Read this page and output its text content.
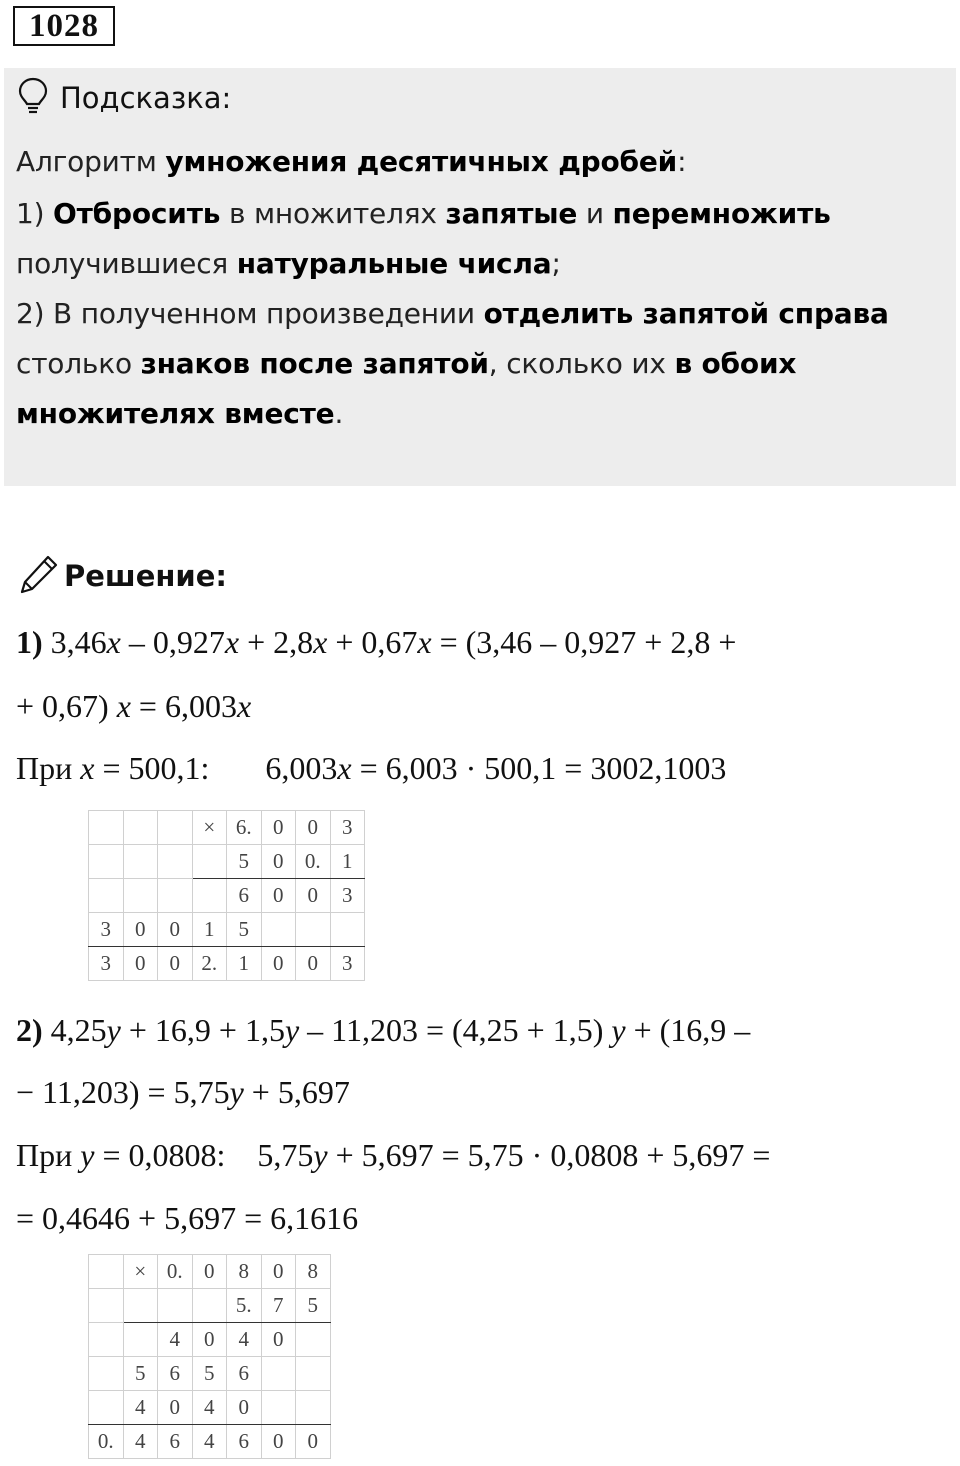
1028
Подсказка:
Алгоритм умножения десятичных дробей:
1) Отбросить в множителях запятые и перемножить
получившиеся натуральные числа;
2) В полученном произведении отделить запятой справа
столько знаков после запятой, сколько их в обоих
множителях вместе.
Решение:
1) 3,46x – 0,927x + 2,8x + 0,67x = (3,46 – 0,927 + 2,8 +
+ 0,67) x = 6,003x
При x = 500,1: 6,003x = 6,003 · 500,1 = 3002,1003
			×	6.	0	0	3
				5	0	0.	1
				6	0	0	3
3	0	0	1	5			
3	0	0	2.	1	0	0	3
2) 4,25y + 16,9 + 1,5y – 11,203 = (4,25 + 1,5) y + (16,9 –
− 11,203) = 5,75y + 5,697
При y = 0,0808: 5,75y + 5,697 = 5,75 · 0,0808 + 5,697 =
= 0,4646 + 5,697 = 6,1616
	×	0.	0	8	0	8
				5.	7	5
		4	0	4	0	
	5	6	5	6		
	4	0	4	0		
0.	4	6	4	6	0	0
